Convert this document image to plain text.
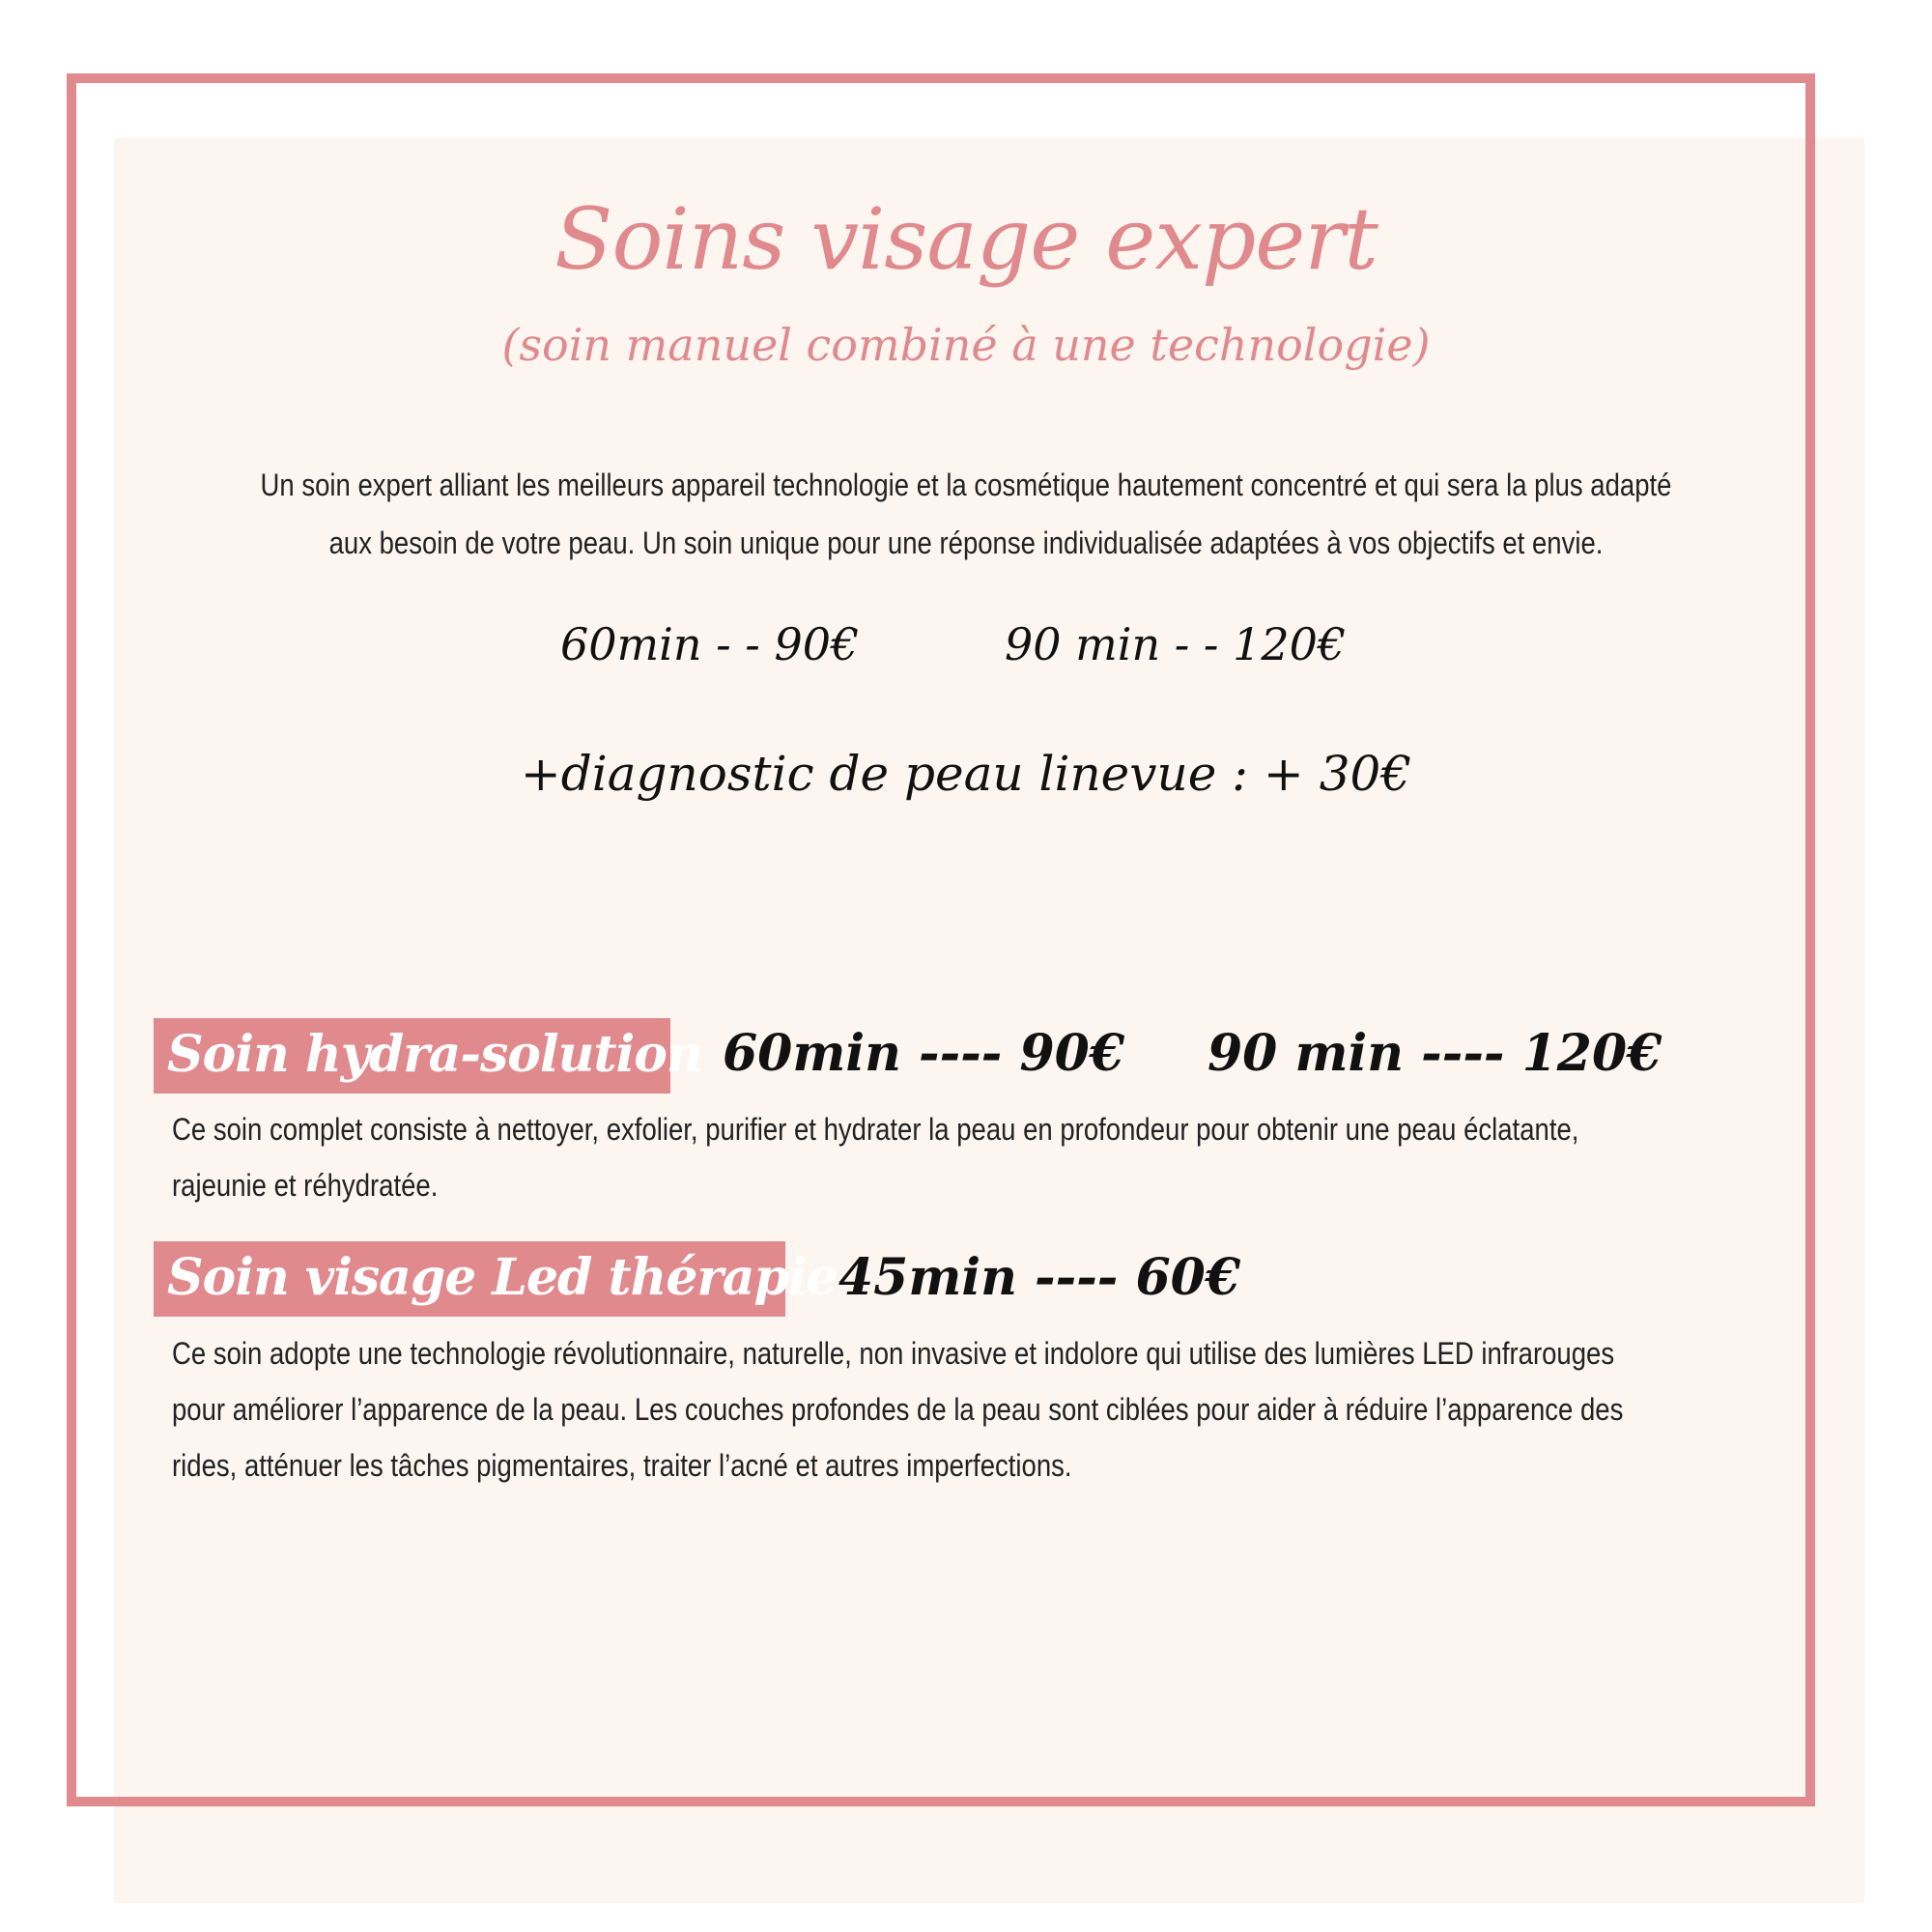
Soins visage expert
(soin manuel combiné à une technologie)
Un soin expert alliant les meilleurs appareil technologie et la cosmétique hautement concentré et qui sera la plus adapté aux besoin de votre peau. Un soin unique pour une réponse individualisée adaptées à vos objectifs et envie.
60min - - 90€	90 min - - 120€
+diagnostic de peau linevue : + 30€
Soin hydra-solution 60min ---- 90€ 90 min ---- 120€
Ce soin complet consiste à nettoyer, exfolier, purifier et hydrater la peau en profondeur pour obtenir une peau éclatante, rajeunie et réhydratée.
Soin visage Led thérapie 45min ---- 60€
Ce soin adopte une technologie révolutionnaire, naturelle, non invasive et indolore qui utilise des lumières LED infrarouges pour améliorer l’apparence de la peau. Les couches profondes de la peau sont ciblées pour aider à réduire l’apparence des rides, atténuer les tâches pigmentaires, traiter l’acné et autres imperfections.
